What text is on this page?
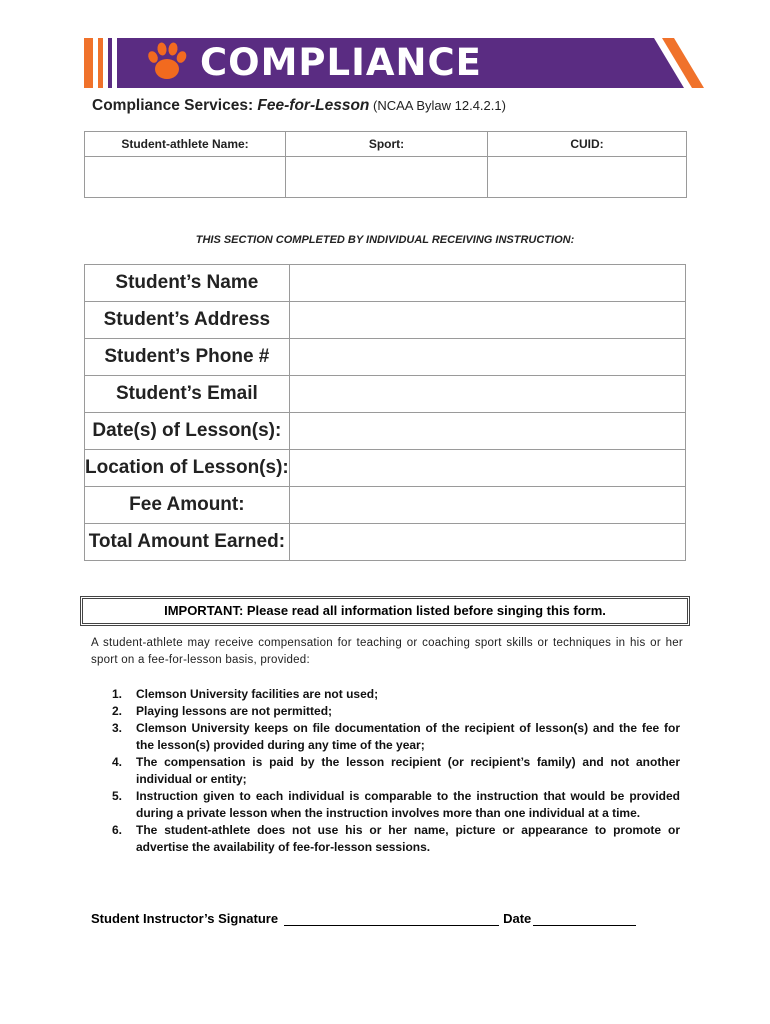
COMPLIANCE
Compliance Services: Fee-for-Lesson (NCAA Bylaw 12.4.2.1)
Student-athlete Name:	Sport:	CUID:

THIS SECTION COMPLETED BY INDIVIDUAL RECEIVING INSTRUCTION:
Student’s Name	
Student’s Address	
Student’s Phone #	
Student’s Email	
Date(s) of Lesson(s):	
Location of Lesson(s):	
Fee Amount:	
Total Amount Earned:	
IMPORTANT: Please read all information listed before singing this form.
A student-athlete may receive compensation for teaching or coaching sport skills or techniques in his or her sport on a fee-for-lesson basis, provided:
1. Clemson University facilities are not used;
2. Playing lessons are not permitted;
3. Clemson University keeps on file documentation of the recipient of lesson(s) and the fee for the lesson(s) provided during any time of the year;
4. The compensation is paid by the lesson recipient (or recipient’s family) and not another individual or entity;
5. Instruction given to each individual is comparable to the instruction that would be provided during a private lesson when the instruction involves more than one individual at a time.
6. The student-athlete does not use his or her name, picture or appearance to promote or advertise the availability of fee-for-lesson sessions.
Student Instructor’s Signature	Date
